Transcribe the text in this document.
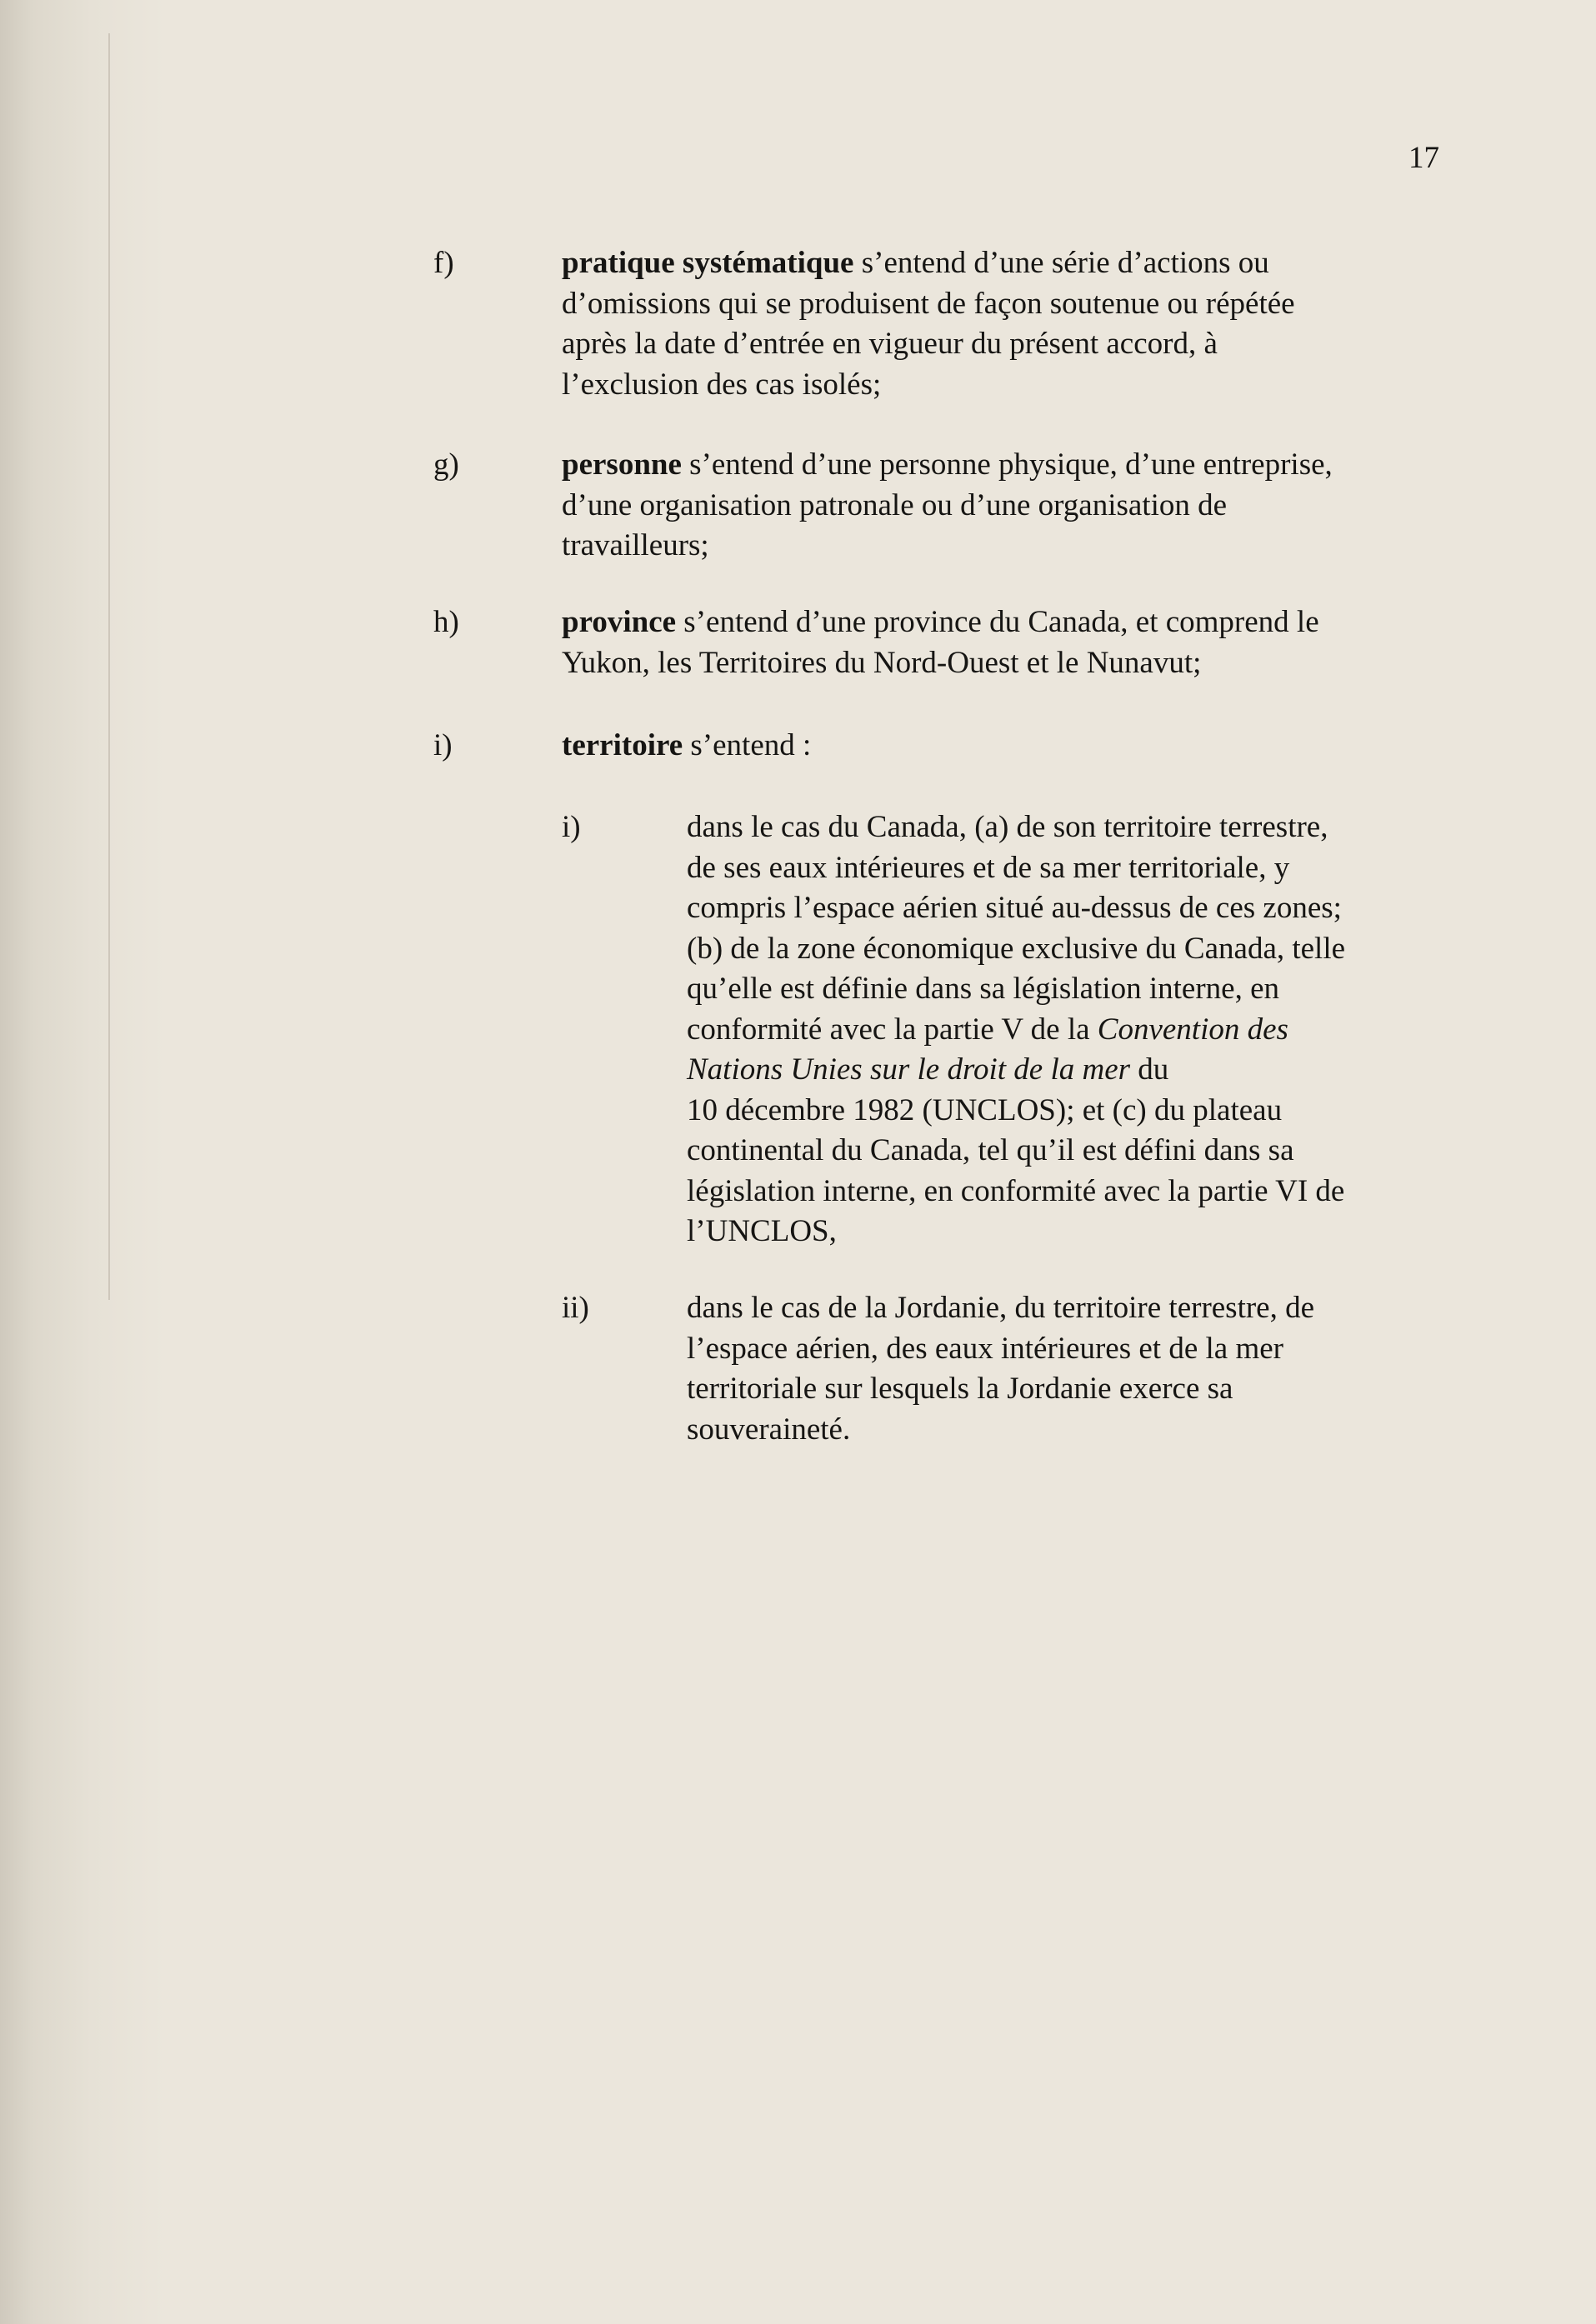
17
f)	pratique systématique s’entend d’une série d’actions ou
d’omissions qui se produisent de façon soutenue ou répétée
après la date d’entrée en vigueur du présent accord, à
l’exclusion des cas isolés;
g)	personne s’entend d’une personne physique, d’une entreprise,
d’une organisation patronale ou d’une organisation de
travailleurs;
h)	province s’entend d’une province du Canada, et comprend le
Yukon, les Territoires du Nord-Ouest et le Nunavut;
i)	territoire s’entend :
i)	dans le cas du Canada, (a) de son territoire terrestre,
de ses eaux intérieures et de sa mer territoriale, y
compris l’espace aérien situé au-dessus de ces zones;
(b) de la zone économique exclusive du Canada, telle
qu’elle est définie dans sa législation interne, en
conformité avec la partie V de la Convention des
Nations Unies sur le droit de la mer du
10 décembre 1982 (UNCLOS); et (c) du plateau
continental du Canada, tel qu’il est défini dans sa
législation interne, en conformité avec la partie VI de
l’UNCLOS,
ii)	dans le cas de la Jordanie, du territoire terrestre, de
l’espace aérien, des eaux intérieures et de la mer
territoriale sur lesquels la Jordanie exerce sa
souveraineté.
